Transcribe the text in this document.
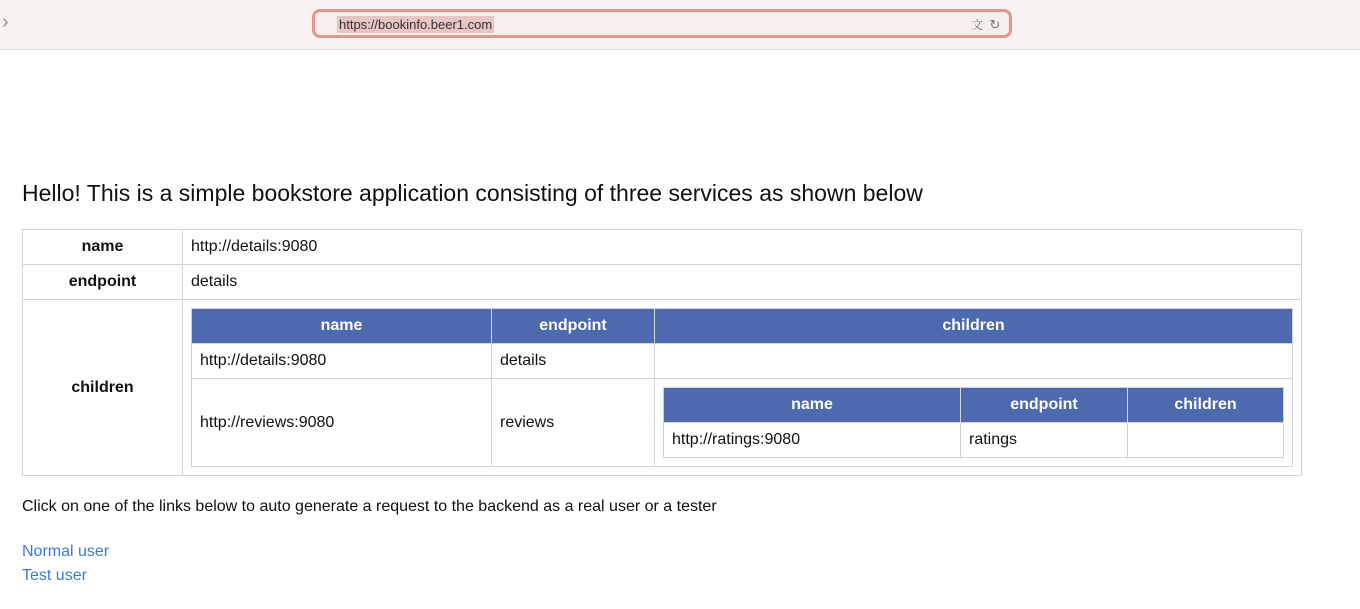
›	https://bookinfo.beer1.com	文 ↻
Hello! This is a simple bookstore application consisting of three services as shown below
name	http://details:9080
endpoint	details
children	
name	endpoint	children
http://details:9080	details	
http://reviews:9080	reviews	
name	endpoint	children
http://ratings:9080	ratings	

Click on one of the links below to auto generate a request to the backend as a real user or a tester

Normal user
Test user
